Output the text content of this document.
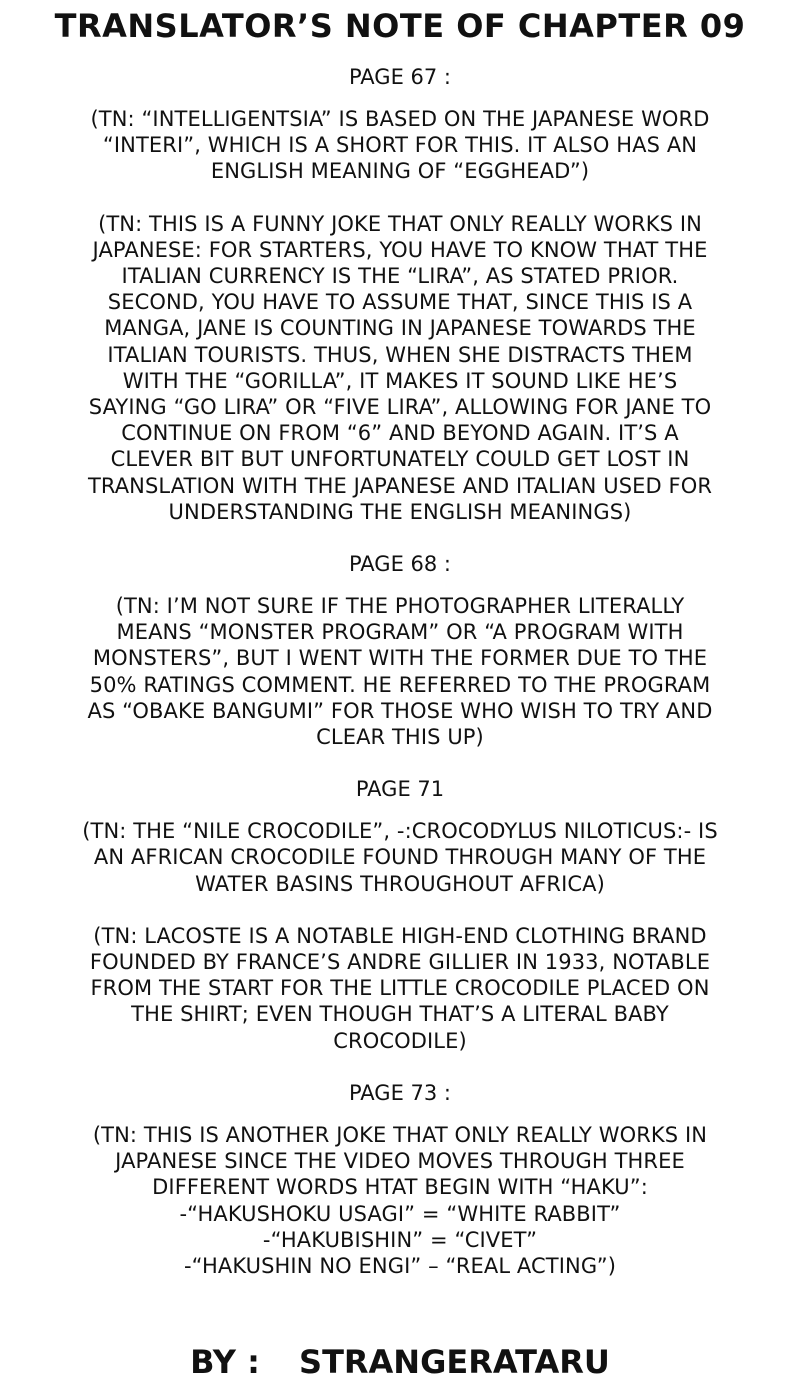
TRANSLATOR’S NOTE OF CHAPTER 09
PAGE 67 :
(TN: “INTELLIGENTSIA” IS BASED ON THE JAPANESE WORD
“INTERI”, WHICH IS A SHORT FOR THIS. IT ALSO HAS AN
ENGLISH MEANING OF “EGGHEAD”)
(TN: THIS IS A FUNNY JOKE THAT ONLY REALLY WORKS IN
JAPANESE: FOR STARTERS, YOU HAVE TO KNOW THAT THE
ITALIAN CURRENCY IS THE “LIRA”, AS STATED PRIOR.
SECOND, YOU HAVE TO ASSUME THAT, SINCE THIS IS A
MANGA, JANE IS COUNTING IN JAPANESE TOWARDS THE
ITALIAN TOURISTS. THUS, WHEN SHE DISTRACTS THEM
WITH THE “GORILLA”, IT MAKES IT SOUND LIKE HE’S
SAYING “GO LIRA” OR “FIVE LIRA”, ALLOWING FOR JANE TO
CONTINUE ON FROM “6” AND BEYOND AGAIN. IT’S A
CLEVER BIT BUT UNFORTUNATELY COULD GET LOST IN
TRANSLATION WITH THE JAPANESE AND ITALIAN USED FOR
UNDERSTANDING THE ENGLISH MEANINGS)
PAGE 68 :
(TN: I’M NOT SURE IF THE PHOTOGRAPHER LITERALLY
MEANS “MONSTER PROGRAM” OR “A PROGRAM WITH
MONSTERS”, BUT I WENT WITH THE FORMER DUE TO THE
50% RATINGS COMMENT. HE REFERRED TO THE PROGRAM
AS “OBAKE BANGUMI” FOR THOSE WHO WISH TO TRY AND
CLEAR THIS UP)
PAGE 71
(TN: THE “NILE CROCODILE”, -:CROCODYLUS NILOTICUS:- IS
AN AFRICAN CROCODILE FOUND THROUGH MANY OF THE
WATER BASINS THROUGHOUT AFRICA)
(TN: LACOSTE IS A NOTABLE HIGH-END CLOTHING BRAND
FOUNDED BY FRANCE’S ANDRE GILLIER IN 1933, NOTABLE
FROM THE START FOR THE LITTLE CROCODILE PLACED ON
THE SHIRT; EVEN THOUGH THAT’S A LITERAL BABY
CROCODILE)
PAGE 73 :
(TN: THIS IS ANOTHER JOKE THAT ONLY REALLY WORKS IN
JAPANESE SINCE THE VIDEO MOVES THROUGH THREE
DIFFERENT WORDS HTAT BEGIN WITH “HAKU”:
-“HAKUSHOKU USAGI” = “WHITE RABBIT”
-“HAKUBISHIN” = “CIVET”
-“HAKUSHIN NO ENGI” – “REAL ACTING”)
BY : STRANGERATARU
